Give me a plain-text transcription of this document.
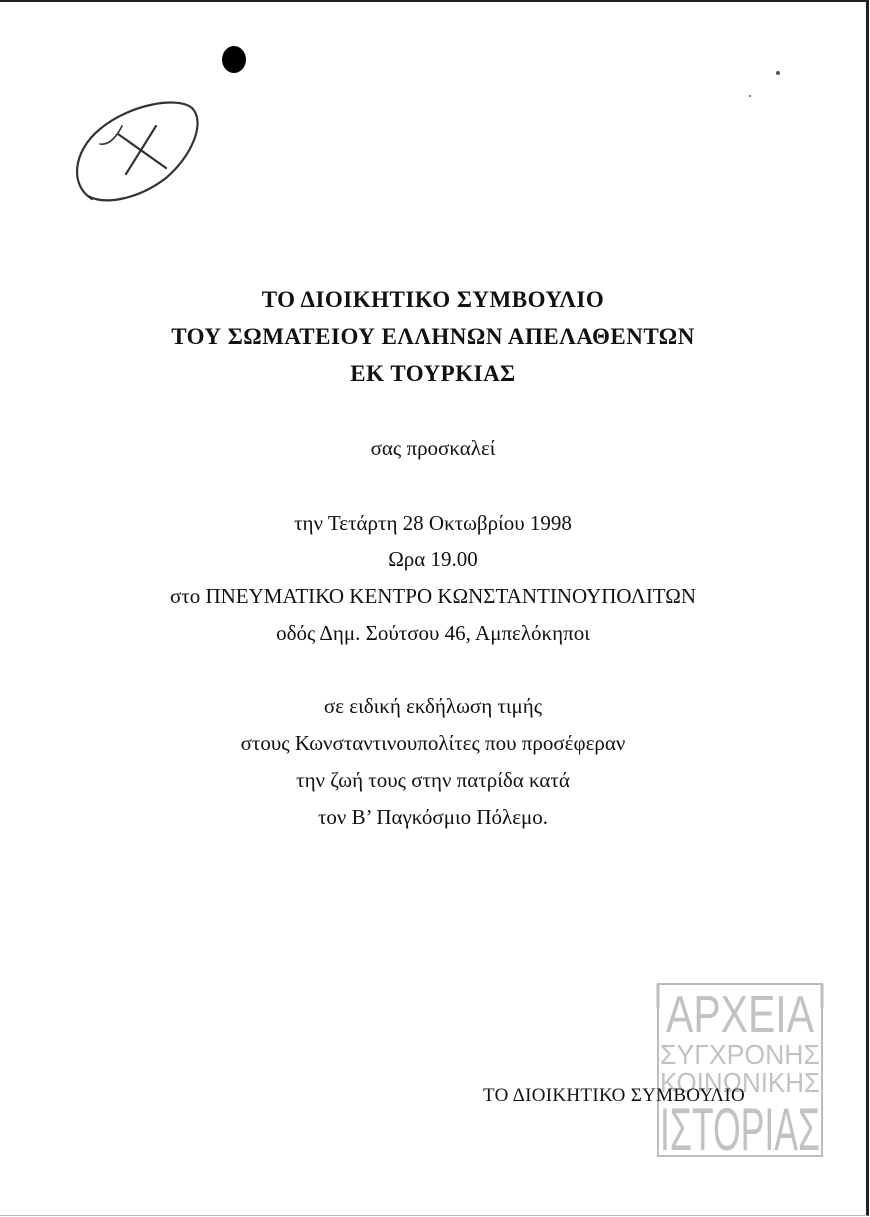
ΤΟ ΔΙΟΙΚΗΤΙΚΟ ΣΥΜΒΟΥΛΙΟ
ΤΟΥ ΣΩΜΑΤΕΙΟΥ ΕΛΛΗΝΩΝ ΑΠΕΛΑΘΕΝΤΩΝ
ΕΚ ΤΟΥΡΚΙΑΣ
σας προσκαλεί
την Τετάρτη 28 Οκτωβρίου 1998
Ωρα 19.00
στο ΠΝΕΥΜΑΤΙΚΟ ΚΕΝΤΡΟ ΚΩΝΣΤΑΝΤΙΝΟΥΠΟΛΙΤΩΝ
οδός Δημ. Σούτσου 46, Αμπελόκηποι
σε ειδική εκδήλωση τιμής
στους Κωνσταντινουπολίτες που προσέφεραν
την ζωή τους στην πατρίδα κατά
τον Β’ Παγκόσμιο Πόλεμο.
ΑΡΧΕΙΑ
ΣΥΓΧΡΟΝΗΣ
ΚΟΙΝΩΝΙΚΗΣ
ΙΣΤΟΡΙΑΣ
ΤΟ ΔΙΟΙΚΗΤΙΚΟ ΣΥΜΒΟΥΛΙΟ
